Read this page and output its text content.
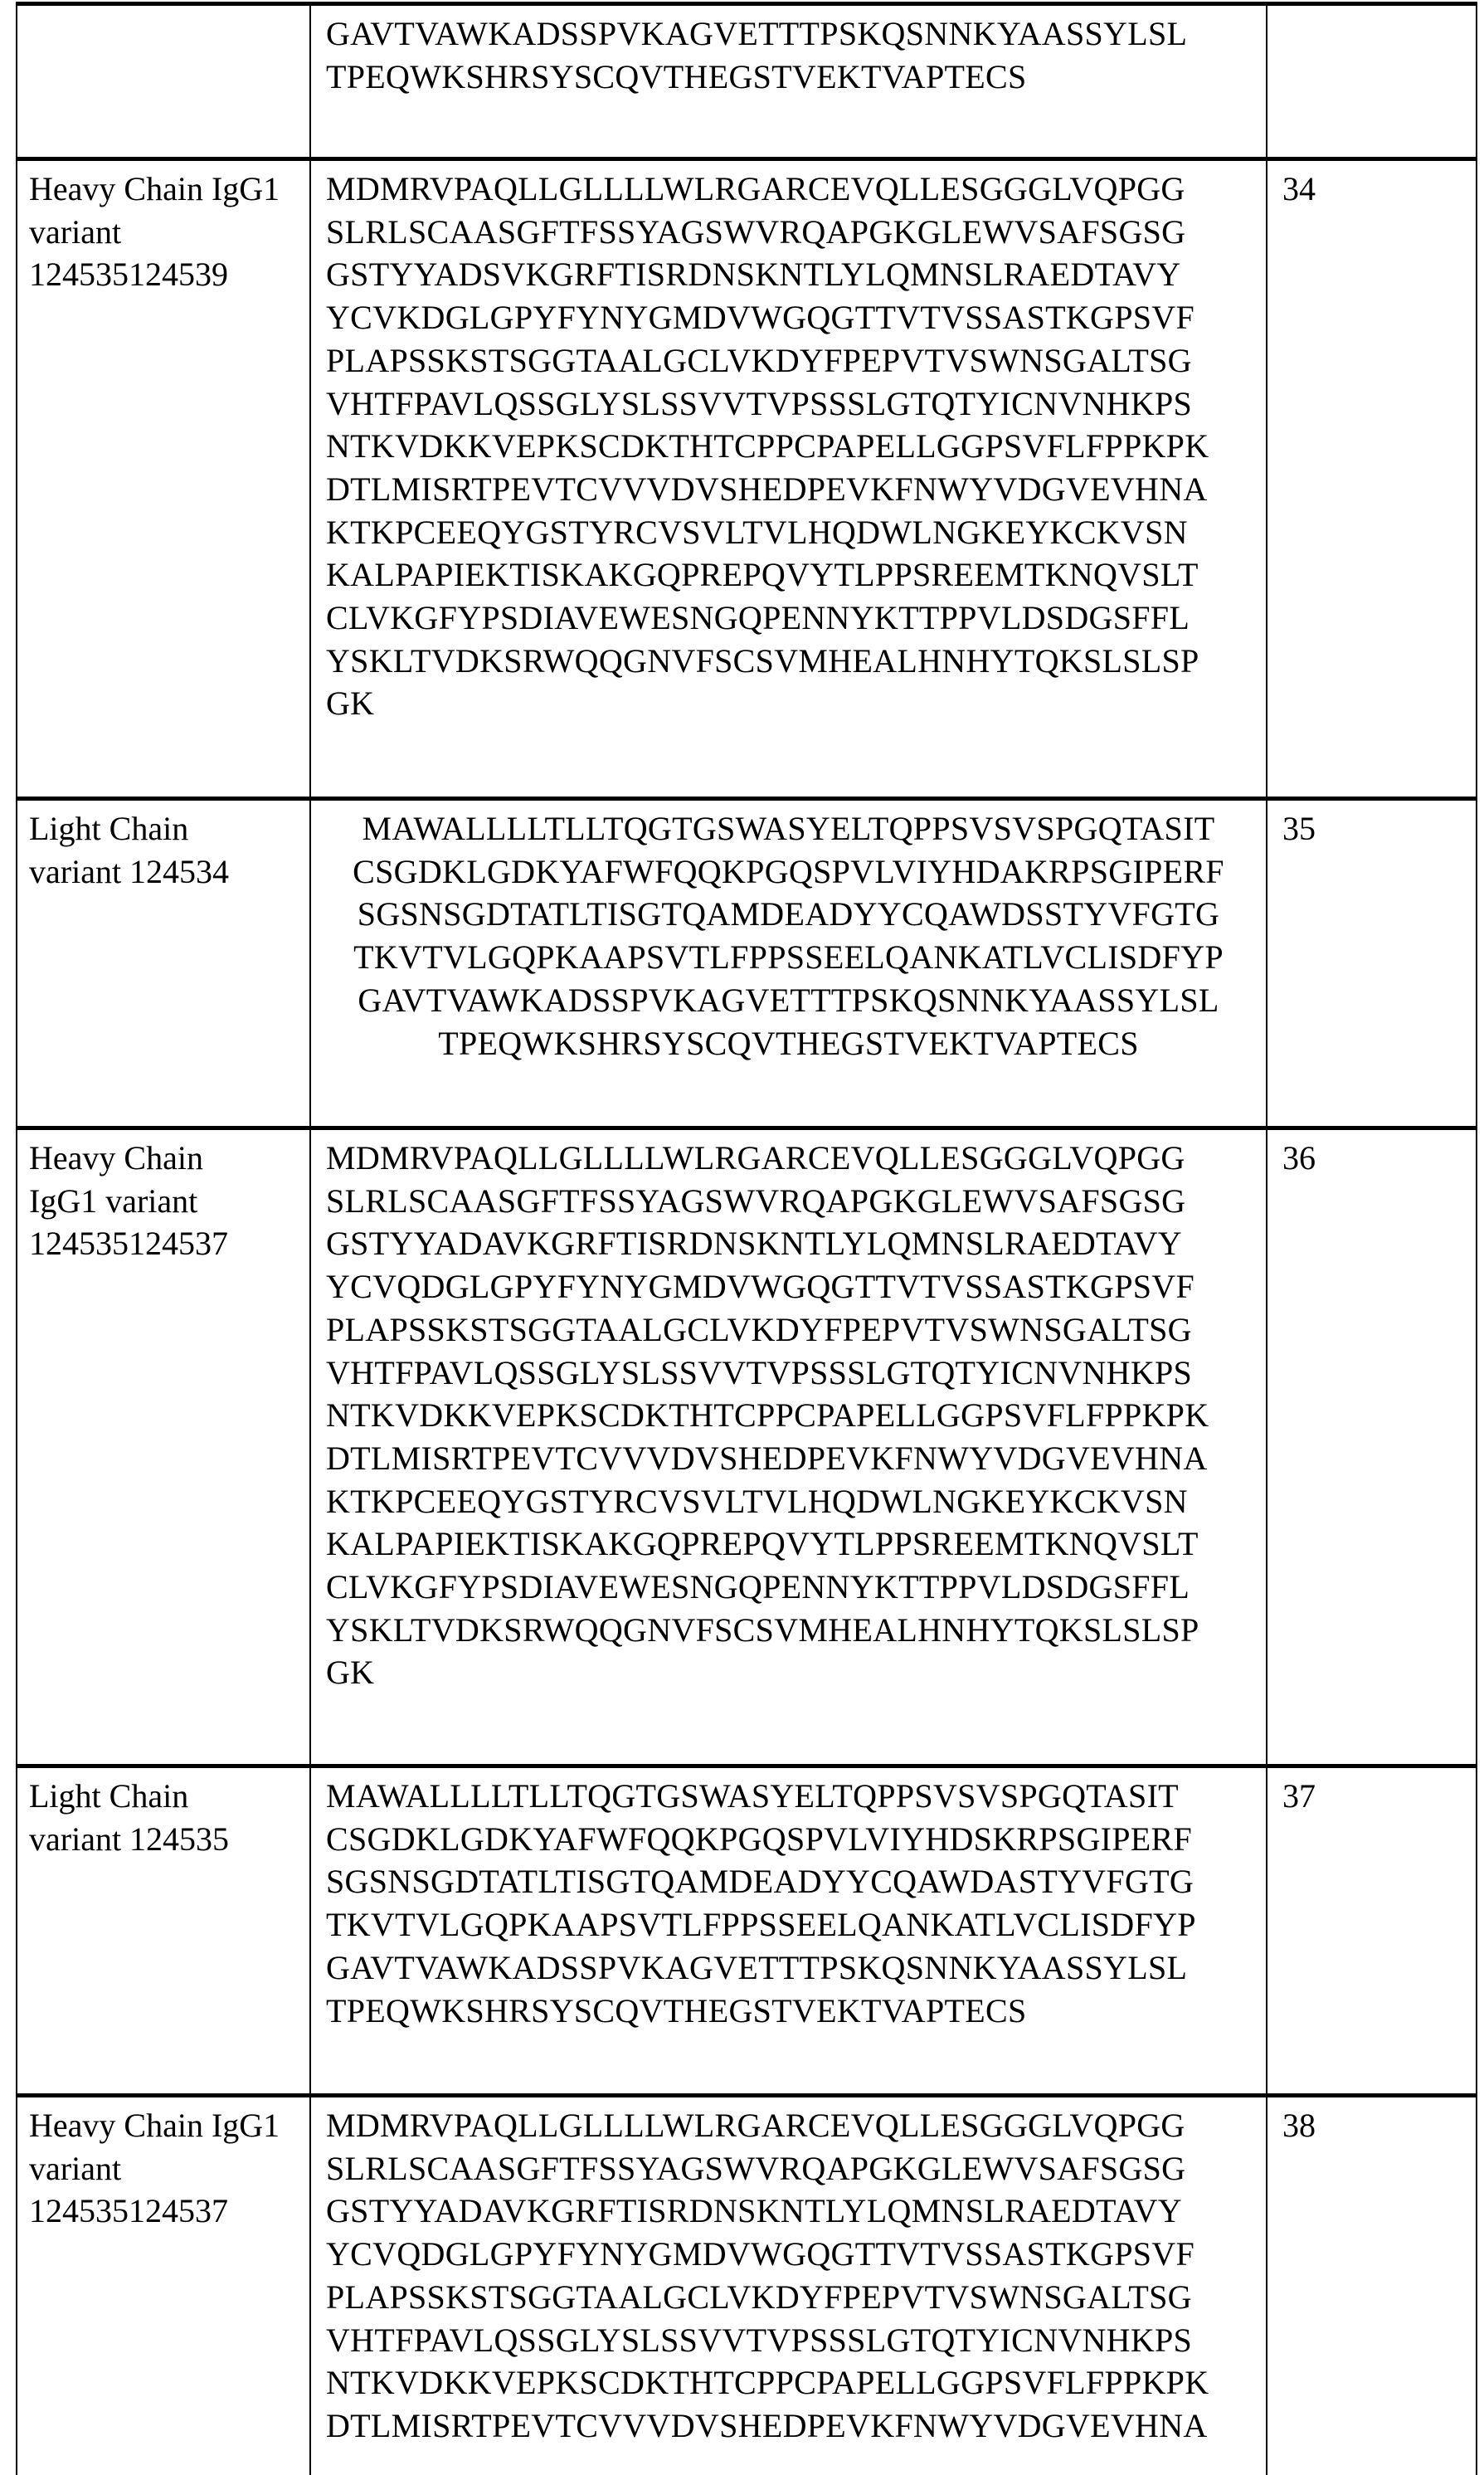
GAVTVAWKADSSPVKAGVETTTPSKQSNNKYAASSYLSL
TPEQWKSHRSYSCQVTHEGSTVEKTVAPTECS
Heavy Chain IgG1
variant
124535124539
MDMRVPAQLLGLLLLWLRGARCEVQLLESGGGLVQPGG
SLRLSCAASGFTFSSYAGSWVRQAPGKGLEWVSAFSGSG
GSTYYADSVKGRFTISRDNSKNTLYLQMNSLRAEDTAVY
YCVKDGLGPYFYNYGMDVWGQGTTVTVSSASTKGPSVF
PLAPSSKSTSGGTAALGCLVKDYFPEPVTVSWNSGALTSG
VHTFPAVLQSSGLYSLSSVVTVPSSSLGTQTYICNVNHKPS
NTKVDKKVEPKSCDKTHTCPPCPAPELLGGPSVFLFPPKPK
DTLMISRTPEVTCVVVDVSHEDPEVKFNWYVDGVEVHNA
KTKPCEEQYGSTYRCVSVLTVLHQDWLNGKEYKCKVSN
KALPAPIEKTISKAKGQPREPQVYTLPPSREEMTKNQVSLT
CLVKGFYPSDIAVEWESNGQPENNYKTTPPVLDSDGSFFL
YSKLTVDKSRWQQGNVFSCSVMHEALHNHYTQKSLSLSP
GK
34
Light Chain
variant 124534
MAWALLLLTLLTQGTGSWASYELTQPPSVSVSPGQTASIT
CSGDKLGDKYAFWFQQKPGQSPVLVIYHDAKRPSGIPERF
SGSNSGDTATLTISGTQAMDEADYYCQAWDSSTYVFGTG
TKVTVLGQPKAAPSVTLFPPSSEELQANKATLVCLISDFYP
GAVTVAWKADSSPVKAGVETTTPSKQSNNKYAASSYLSL
TPEQWKSHRSYSCQVTHEGSTVEKTVAPTECS
35
Heavy Chain
IgG1 variant
124535124537
MDMRVPAQLLGLLLLWLRGARCEVQLLESGGGLVQPGG
SLRLSCAASGFTFSSYAGSWVRQAPGKGLEWVSAFSGSG
GSTYYADAVKGRFTISRDNSKNTLYLQMNSLRAEDTAVY
YCVQDGLGPYFYNYGMDVWGQGTTVTVSSASTKGPSVF
PLAPSSKSTSGGTAALGCLVKDYFPEPVTVSWNSGALTSG
VHTFPAVLQSSGLYSLSSVVTVPSSSLGTQTYICNVNHKPS
NTKVDKKVEPKSCDKTHTCPPCPAPELLGGPSVFLFPPKPK
DTLMISRTPEVTCVVVDVSHEDPEVKFNWYVDGVEVHNA
KTKPCEEQYGSTYRCVSVLTVLHQDWLNGKEYKCKVSN
KALPAPIEKTISKAKGQPREPQVYTLPPSREEMTKNQVSLT
CLVKGFYPSDIAVEWESNGQPENNYKTTPPVLDSDGSFFL
YSKLTVDKSRWQQGNVFSCSVMHEALHNHYTQKSLSLSP
GK
36
Light Chain
variant 124535
MAWALLLLTLLTQGTGSWASYELTQPPSVSVSPGQTASIT
CSGDKLGDKYAFWFQQKPGQSPVLVIYHDSKRPSGIPERF
SGSNSGDTATLTISGTQAMDEADYYCQAWDASTYVFGTG
TKVTVLGQPKAAPSVTLFPPSSEELQANKATLVCLISDFYP
GAVTVAWKADSSPVKAGVETTTPSKQSNNKYAASSYLSL
TPEQWKSHRSYSCQVTHEGSTVEKTVAPTECS
37
Heavy Chain IgG1
variant
124535124537
MDMRVPAQLLGLLLLWLRGARCEVQLLESGGGLVQPGG
SLRLSCAASGFTFSSYAGSWVRQAPGKGLEWVSAFSGSG
GSTYYADAVKGRFTISRDNSKNTLYLQMNSLRAEDTAVY
YCVQDGLGPYFYNYGMDVWGQGTTVTVSSASTKGPSVF
PLAPSSKSTSGGTAALGCLVKDYFPEPVTVSWNSGALTSG
VHTFPAVLQSSGLYSLSSVVTVPSSSLGTQTYICNVNHKPS
NTKVDKKVEPKSCDKTHTCPPCPAPELLGGPSVFLFPPKPK
DTLMISRTPEVTCVVVDVSHEDPEVKFNWYVDGVEVHNA
38
